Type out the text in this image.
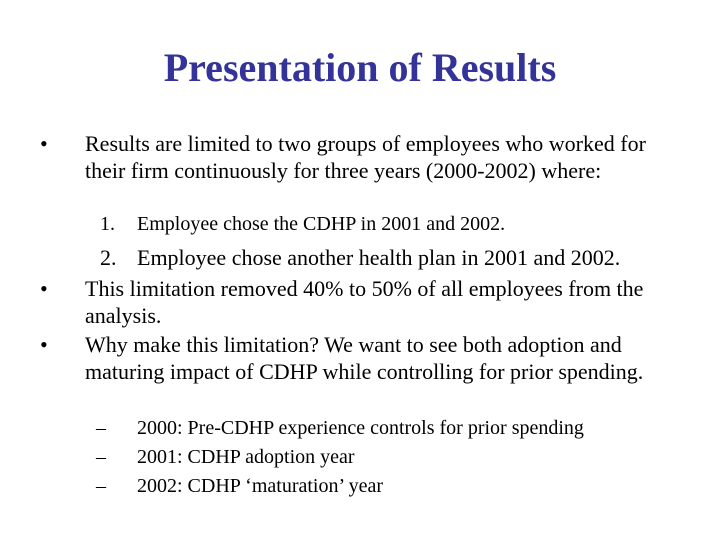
Presentation of Results
• Results are limited to two groups of employees who worked for their firm continuously for three years (2000-2002) where:
1. Employee chose the CDHP in 2001 and 2002.
2. Employee chose another health plan in 2001 and 2002.
• This limitation removed 40% to 50% of all employees from the analysis.
• Why make this limitation? We want to see both adoption and maturing impact of CDHP while controlling for prior spending.
– 2000: Pre-CDHP experience controls for prior spending
– 2001: CDHP adoption year
– 2002: CDHP ‘maturation’ year
